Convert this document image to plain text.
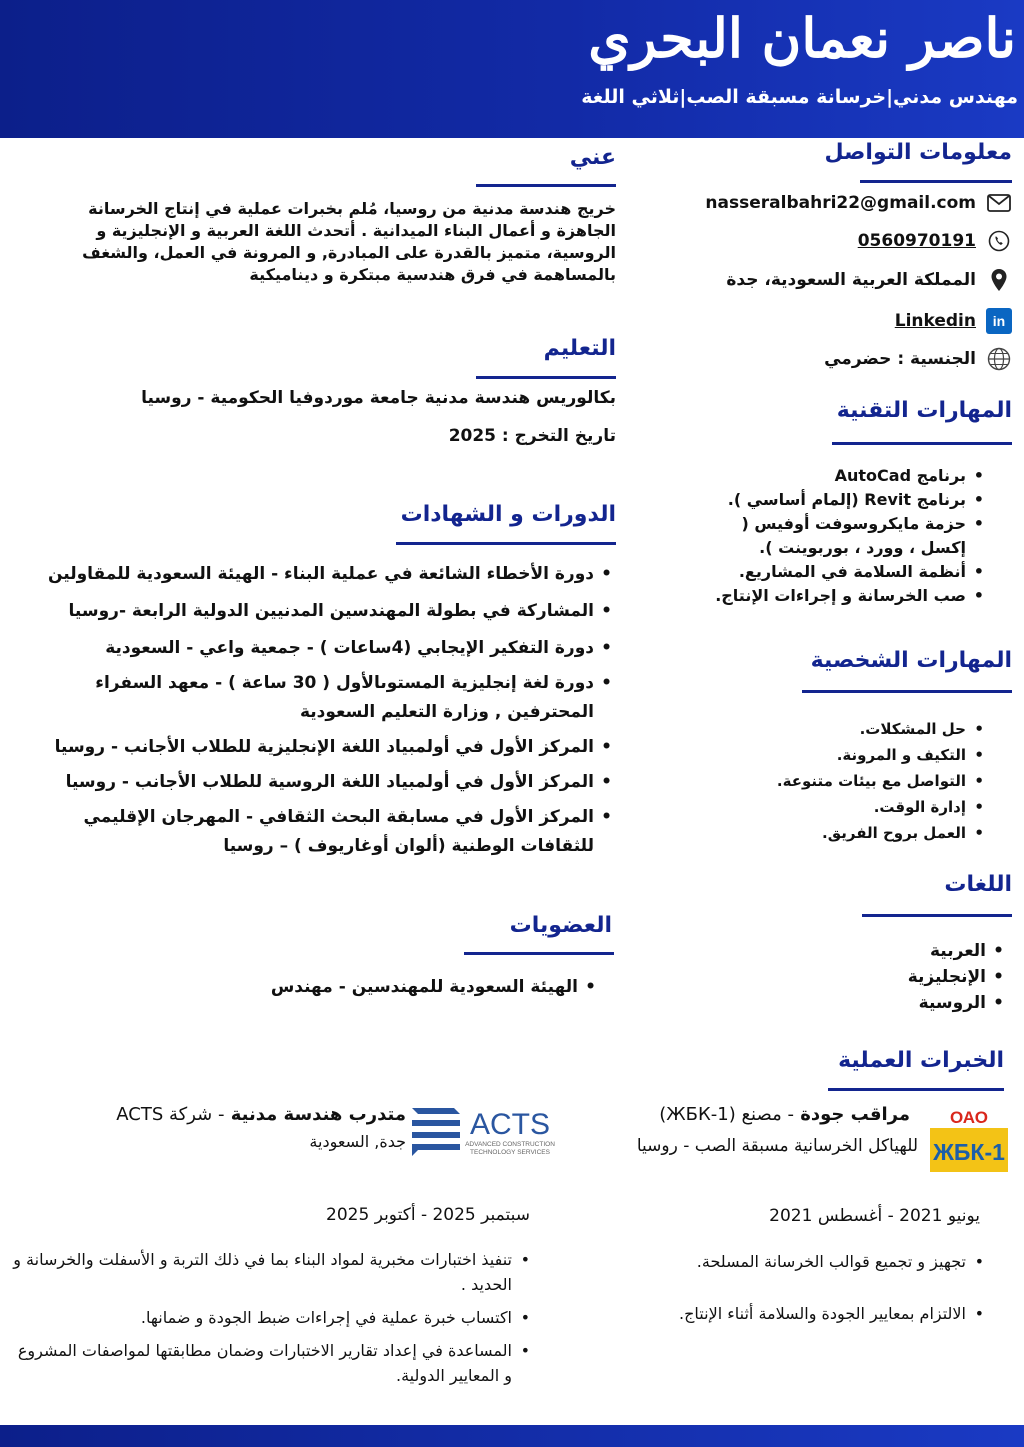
ناصر نعمان البحري
مهندس مدني|خرسانة مسبقة الصب|ثلاثي اللغة
معلومات التواصل
nasseralbahri22@gmail.com
0560970191
المملكة العربية السعودية، جدة
in
Linkedin
الجنسية : حضرمي
المهارات التقنية
• برنامج AutoCad
• برنامج Revit (إلمام أساسي ).
• حزمة مايكروسوفت أوفيس ( إكسل ، وورد ، بوربوينت ).
• أنظمة السلامة في المشاريع.
• صب الخرسانة و إجراءات الإنتاج.
المهارات الشخصية
• حل المشكلات.
• التكيف و المرونة.
• التواصل مع بيئات متنوعة.
• إدارة الوقت.
• العمل بروح الفريق.
اللغات
• العربية
• الإنجليزية
• الروسية
عني
خريج هندسة مدنية من روسيا، مُلم بخبرات عملية في إنتاج الخرسانة الجاهزة و أعمال البناء الميدانية . أتحدث اللغة العربية و الإنجليزية و الروسية، متميز بالقدرة على المبادرة, و المرونة في العمل، والشغف بالمساهمة في فرق هندسية مبتكرة و ديناميكية
التعليم
بكالوريس هندسة مدنية جامعة موردوفيا الحكومية - روسيا
تاريخ التخرج : 2025
الدورات و الشهادات
• دورة الأخطاء الشائعة في عملية البناء - الهيئة السعودية للمقاولين
• المشاركة في بطولة المهندسين المدنيين الدولية الرابعة -روسيا
• دورة التفكير الإيجابي (4ساعات ) - جمعية واعي - السعودية
• دورة لغة إنجليزية المستوىالأول ( 30 ساعة ) - معهد السفراء المحترفين , وزارة التعليم السعودية
• المركز الأول في أولمبياد اللغة الإنجليزية للطلاب الأجانب - روسيا
• المركز الأول في أولمبياد اللغة الروسية للطلاب الأجانب - روسيا
• المركز الأول في مسابقة البحث الثقافي - المهرجان الإقليمي للثقافات الوطنية (ألوان أوغاريوف ) – روسيا
العضويات
• الهيئة السعودية للمهندسين - مهندس
الخبرات العملية
ОАО
ЖБК-1
مراقب جودة - مصنع (ЖБК-1)
للهياكل الخرسانية مسبقة الصب - روسيا
يونيو 2021 - أغسطس 2021
• تجهيز و تجميع قوالب الخرسانة المسلحة.
• الالتزام بمعايير الجودة والسلامة أثناء الإنتاج.
ACTS
ADVANCED CONSTRUCTION
TECHNOLOGY SERVICES
متدرب هندسة مدنية - شركة ACTS
جدة, السعودية
سبتمبر 2025 - أكتوبر 2025
• تنفيذ اختبارات مخبرية لمواد البناء بما في ذلك التربة و الأسفلت والخرسانة و الحديد .
• اكتساب خبرة عملية في إجراءات ضبط الجودة و ضمانها.
• المساعدة في إعداد تقارير الاختبارات وضمان مطابقتها لمواصفات المشروع و المعايير الدولية.
